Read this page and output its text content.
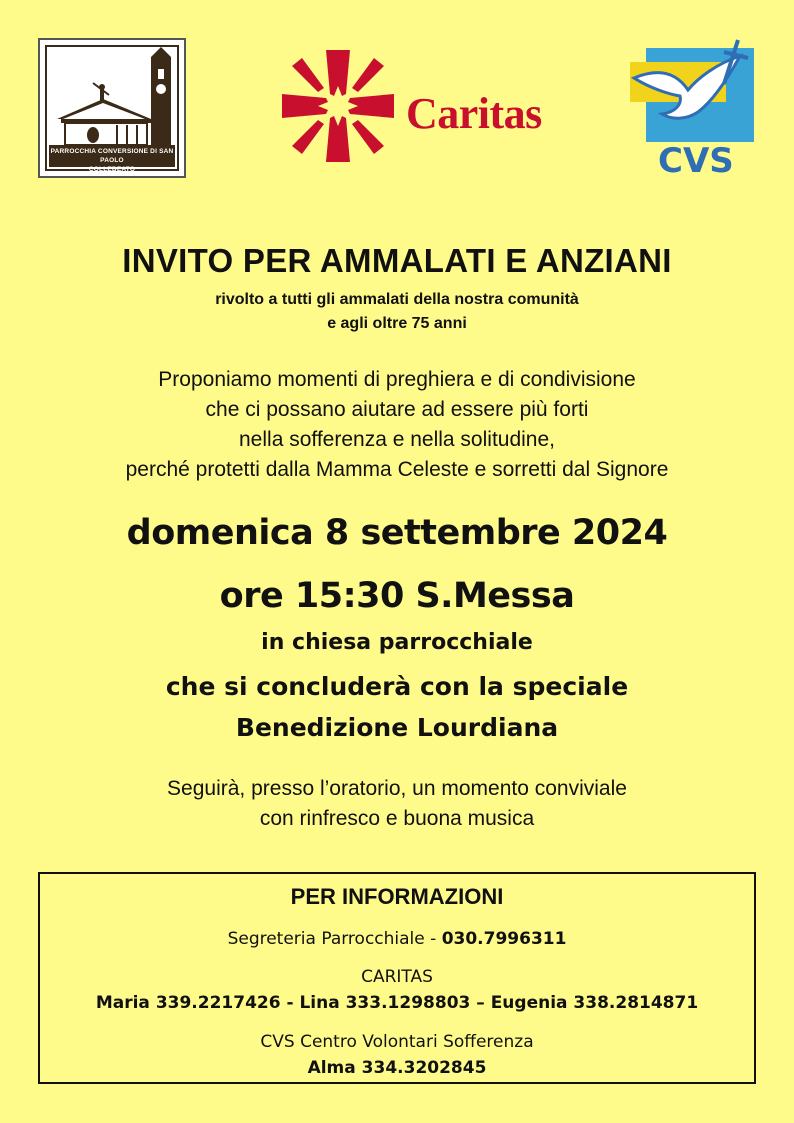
PARROCCHIA CONVERSIONE DI SAN PAOLO
COLLEBEATO
Caritas
CVS
INVITO PER AMMALATI E ANZIANI
rivolto a tutti gli ammalati della nostra comunità
e agli oltre 75 anni
Proponiamo momenti di preghiera e di condivisione
che ci possano aiutare ad essere più forti
nella sofferenza e nella solitudine,
perché protetti dalla Mamma Celeste e sorretti dal Signore
domenica 8 settembre 2024
ore 15:30 S.Messa
in chiesa parrocchiale
che si concluderà con la speciale
Benedizione Lourdiana
Seguirà, presso l’oratorio, un momento conviviale
con rinfresco e buona musica
PER INFORMAZIONI
Segreteria Parrocchiale - 030.7996311
CARITAS
Maria 339.2217426 - Lina 333.1298803 – Eugenia 338.2814871
CVS Centro Volontari Sofferenza
Alma 334.3202845
